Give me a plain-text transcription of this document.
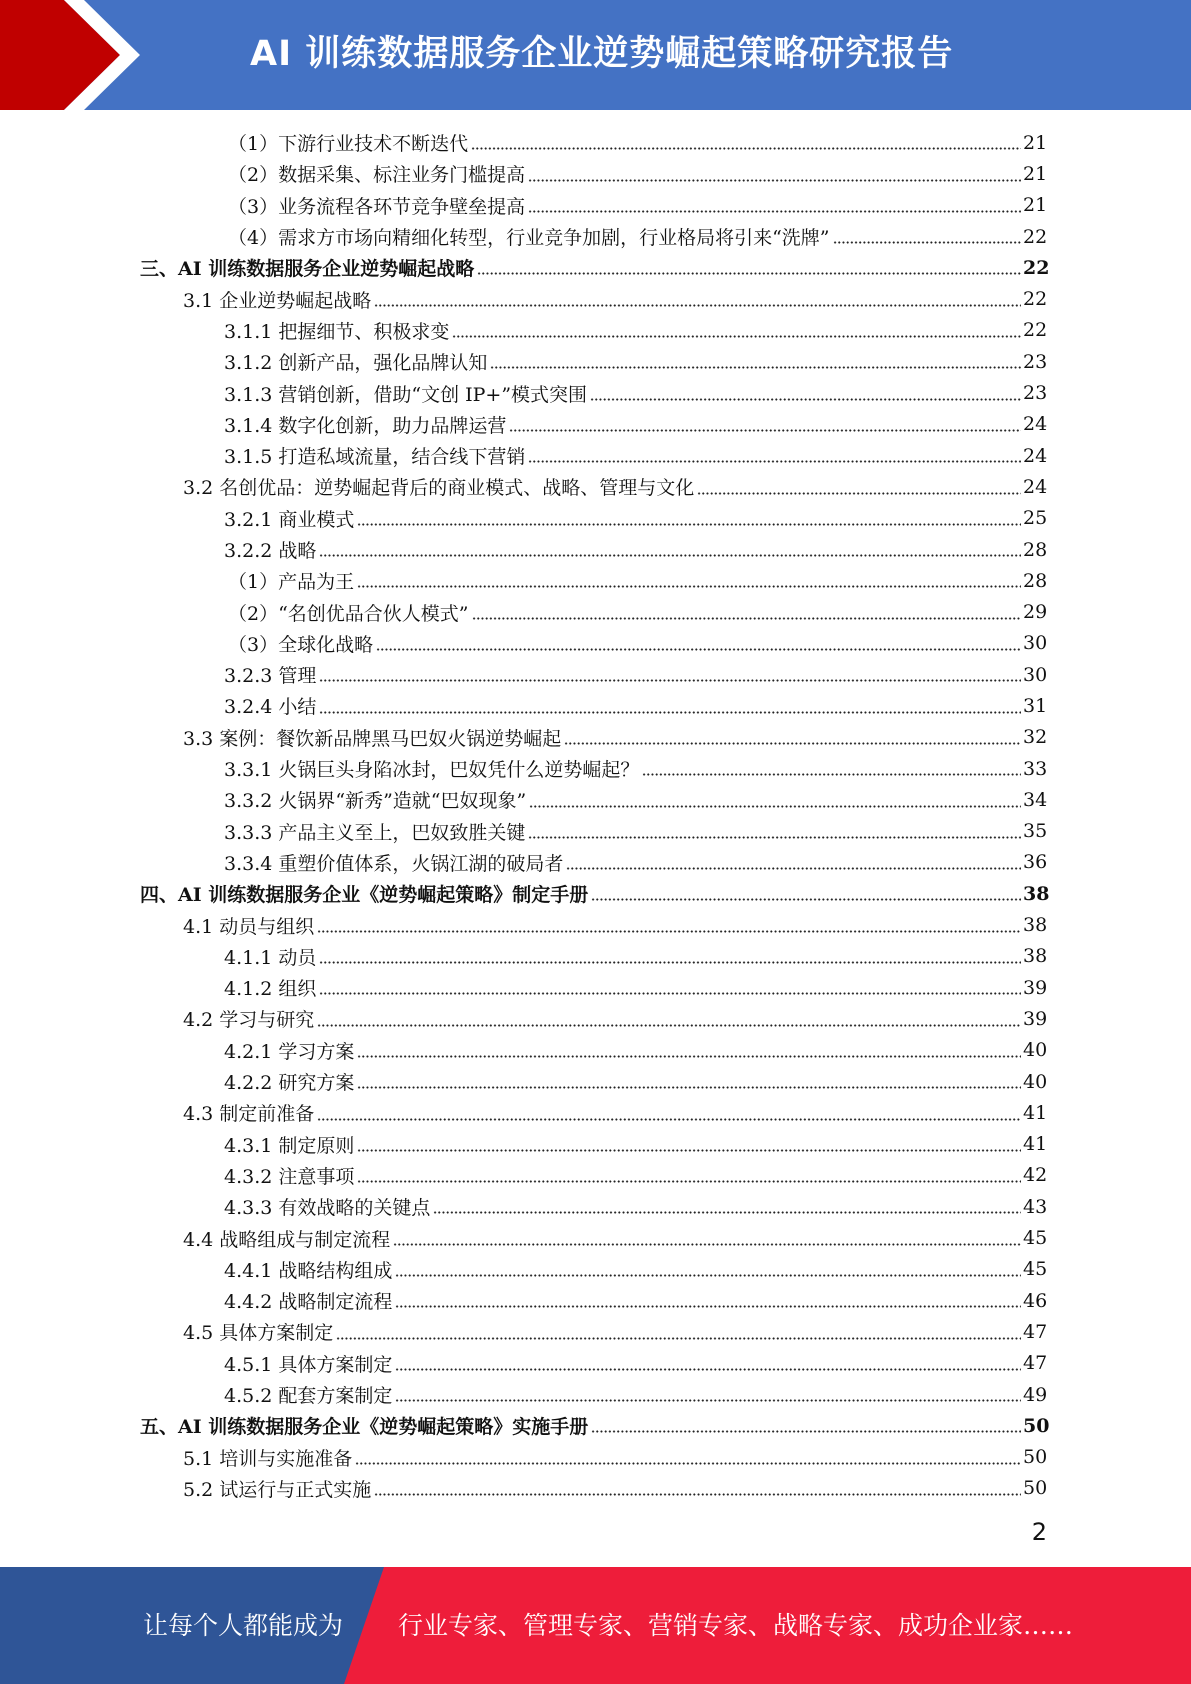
AI 训练数据服务企业逆势崛起策略研究报告
（1）下游行业技术不断迭代	21
（2）数据采集、标注业务门槛提高	21
（3）业务流程各环节竞争壁垒提高	21
（4）需求方市场向精细化转型，行业竞争加剧，行业格局将引来“洗牌”	22
三、AI 训练数据服务企业逆势崛起战略	22
3.1 企业逆势崛起战略	22
3.1.1 把握细节、积极求变	22
3.1.2 创新产品，强化品牌认知	23
3.1.3 营销创新，借助“文创 IP+”模式突围	23
3.1.4 数字化创新，助力品牌运营	24
3.1.5 打造私域流量，结合线下营销	24
3.2 名创优品：逆势崛起背后的商业模式、战略、管理与文化	24
3.2.1 商业模式	25
3.2.2 战略	28
（1）产品为王	28
（2）“名创优品合伙人模式”	29
（3）全球化战略	30
3.2.3 管理	30
3.2.4 小结	31
3.3 案例：餐饮新品牌黑马巴奴火锅逆势崛起	32
3.3.1 火锅巨头身陷冰封，巴奴凭什么逆势崛起？	33
3.3.2 火锅界“新秀”造就“巴奴现象”	34
3.3.3 产品主义至上，巴奴致胜关键	35
3.3.4 重塑价值体系，火锅江湖的破局者	36
四、AI 训练数据服务企业《逆势崛起策略》制定手册	38
4.1 动员与组织	38
4.1.1 动员	38
4.1.2 组织	39
4.2 学习与研究	39
4.2.1 学习方案	40
4.2.2 研究方案	40
4.3 制定前准备	41
4.3.1 制定原则	41
4.3.2 注意事项	42
4.3.3 有效战略的关键点	43
4.4 战略组成与制定流程	45
4.4.1 战略结构组成	45
4.4.2 战略制定流程	46
4.5 具体方案制定	47
4.5.1 具体方案制定	47
4.5.2 配套方案制定	49
五、AI 训练数据服务企业《逆势崛起策略》实施手册	50
5.1 培训与实施准备	50
5.2 试运行与正式实施	50
2
让每个人都能成为 行业专家、管理专家、营销专家、战略专家、成功企业家……
